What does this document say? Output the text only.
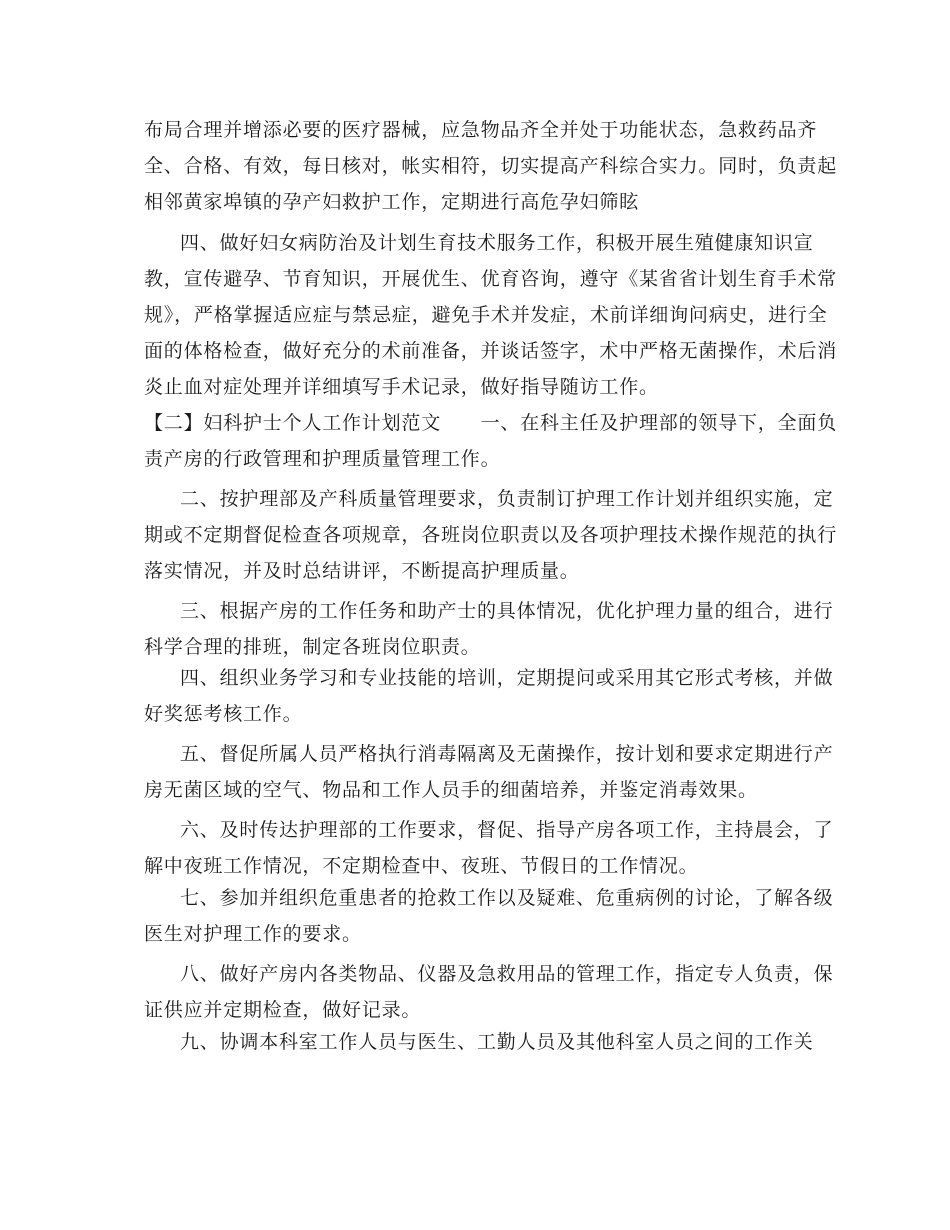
布局合理并增添必要的医疗器械，应急物品齐全并处于功能状态，急救药品齐
全、合格、有效，每日核对，帐实相符，切实提高产科综合实力。同时，负责起
相邻黄家埠镇的孕产妇救护工作，定期进行高危孕妇筛眩
四、做好妇女病防治及计划生育技术服务工作，积极开展生殖健康知识宣
教，宣传避孕、节育知识，开展优生、优育咨询，遵守《某省省计划生育手术常
规》，严格掌握适应症与禁忌症，避免手术并发症，术前详细询问病史，进行全
面的体格检查，做好充分的术前准备，并谈话签字，术中严格无菌操作，术后消
炎止血对症处理并详细填写手术记录，做好指导随访工作。
【二】妇科护士个人工作计划范文　　一、在科主任及护理部的领导下，全面负
责产房的行政管理和护理质量管理工作。
二、按护理部及产科质量管理要求，负责制订护理工作计划并组织实施，定
期或不定期督促检查各项规章，各班岗位职责以及各项护理技术操作规范的执行
落实情况，并及时总结讲评，不断提高护理质量。
三、根据产房的工作任务和助产士的具体情况，优化护理力量的组合，进行
科学合理的排班，制定各班岗位职责。
四、组织业务学习和专业技能的培训，定期提问或采用其它形式考核，并做
好奖惩考核工作。
五、督促所属人员严格执行消毒隔离及无菌操作，按计划和要求定期进行产
房无菌区域的空气、物品和工作人员手的细菌培养，并鉴定消毒效果。
六、及时传达护理部的工作要求，督促、指导产房各项工作，主持晨会，了
解中夜班工作情况，不定期检查中、夜班、节假日的工作情况。
七、参加并组织危重患者的抢救工作以及疑难、危重病例的讨论，了解各级
医生对护理工作的要求。
八、做好产房内各类物品、仪器及急救用品的管理工作，指定专人负责，保
证供应并定期检查，做好记录。
九、协调本科室工作人员与医生、工勤人员及其他科室人员之间的工作关
